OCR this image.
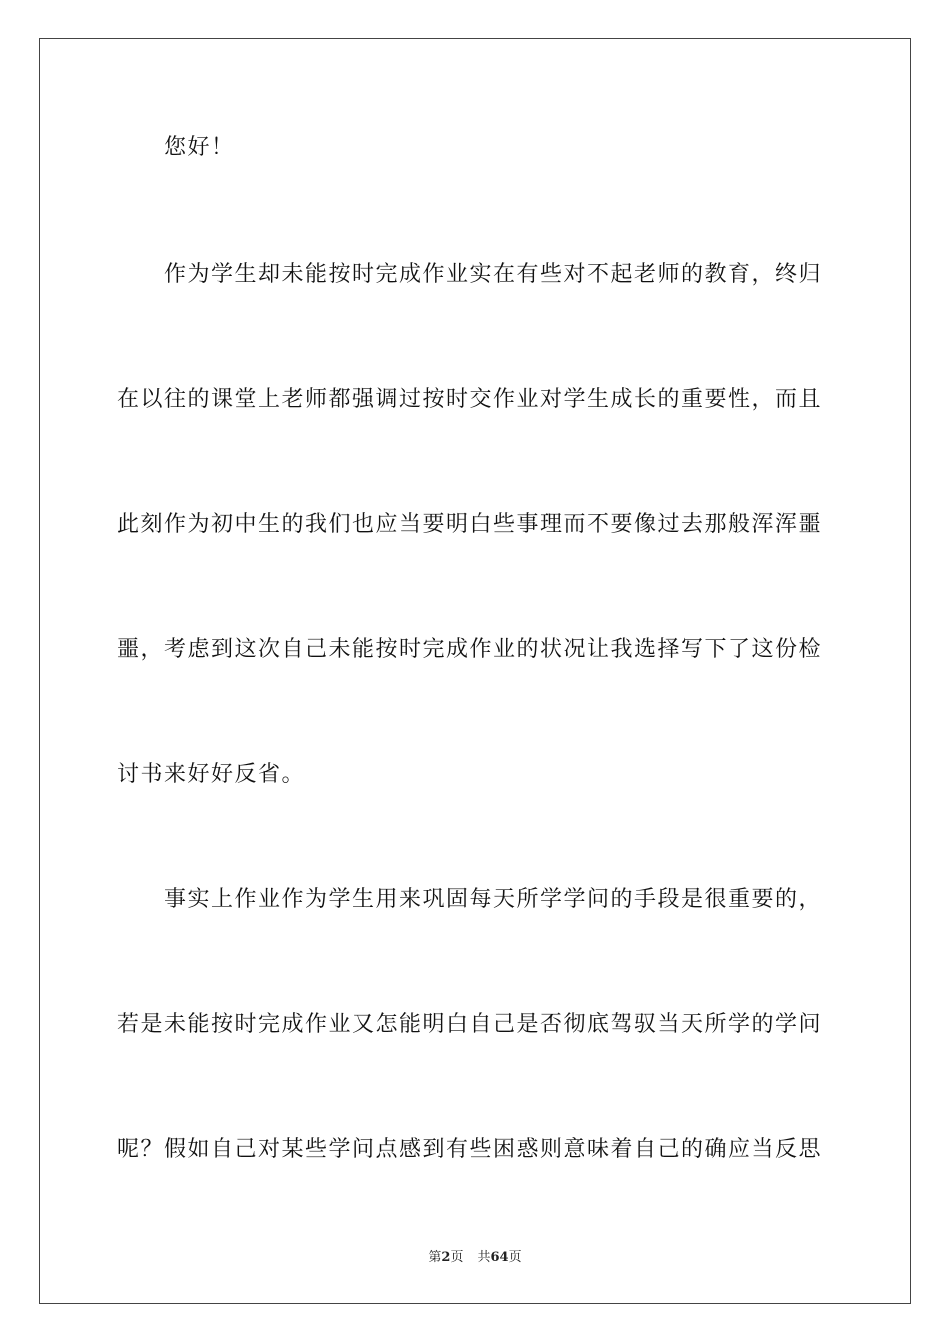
您好！
作为学生却未能按时完成作业实在有些对不起老师的教育，终归
在以往的课堂上老师都强调过按时交作业对学生成长的重要性，而且
此刻作为初中生的我们也应当要明白些事理而不要像过去那般浑浑噩
噩，考虑到这次自己未能按时完成作业的状况让我选择写下了这份检
讨书来好好反省。
事实上作业作为学生用来巩固每天所学学问的手段是很重要的，
若是未能按时完成作业又怎能明白自己是否彻底驾驭当天所学的学问
呢？假如自己对某些学问点感到有些困惑则意味着自己的确应当反思
第2页 共64页
